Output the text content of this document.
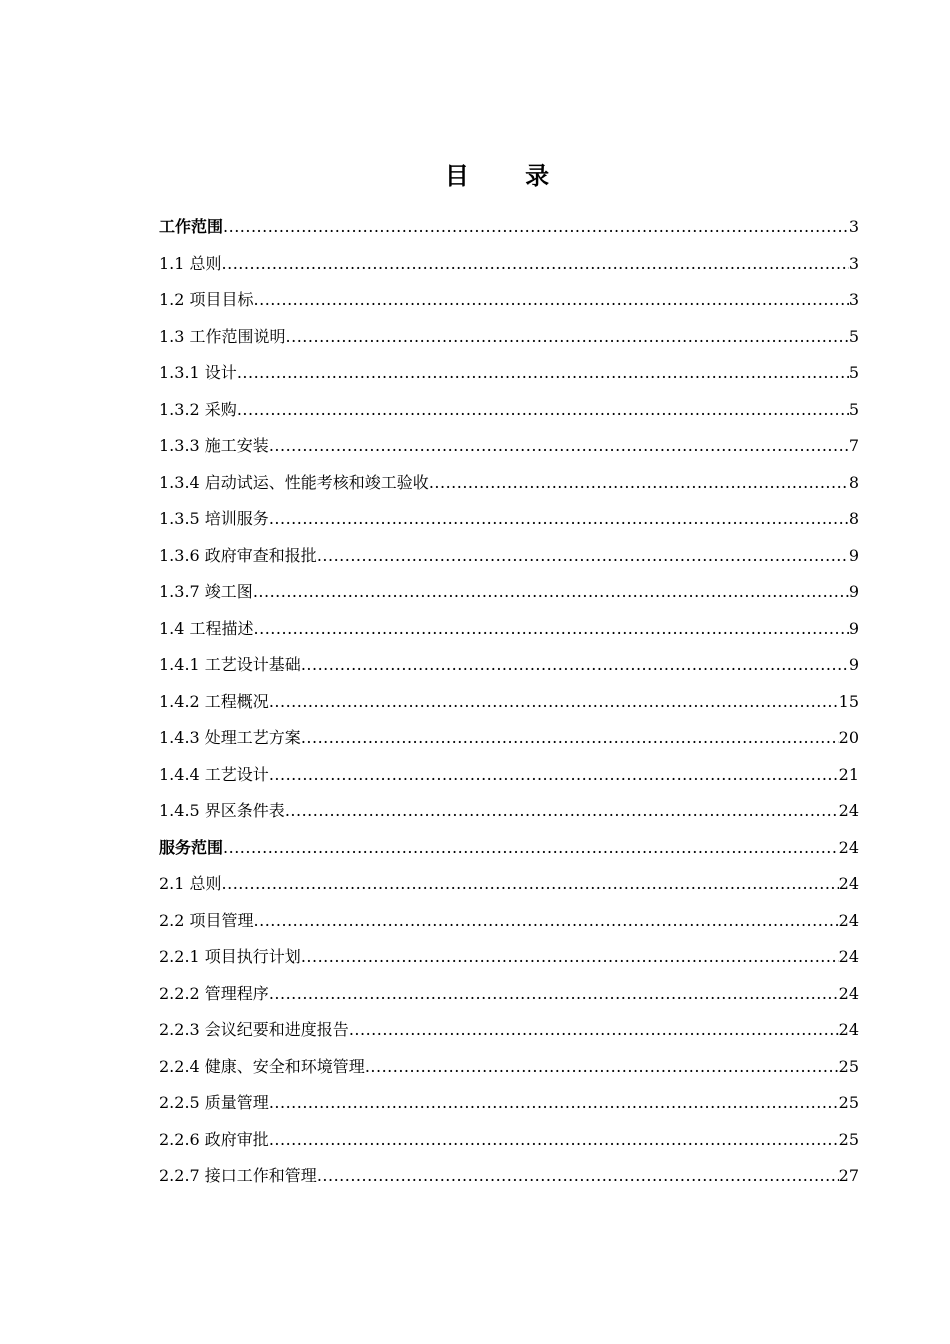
目 录
工作范围 .....	3
1.1 总则 .....	3
1.2 项目目标 .....	3
1.3 工作范围说明 .....	5
1.3.1 设计 .....	5
1.3.2 采购 .....	5
1.3.3 施工安装 .....	7
1.3.4 启动试运、性能考核和竣工验收 .....	8
1.3.5 培训服务 .....	8
1.3.6 政府审查和报批 .....	9
1.3.7 竣工图 .....	9
1.4 工程描述 .....	9
1.4.1 工艺设计基础 .....	9
1.4.2 工程概况 .....	15
1.4.3 处理工艺方案 .....	20
1.4.4 工艺设计 .....	21
1.4.5 界区条件表 .....	24
服务范围 .....	24
2.1 总则 .....	24
2.2 项目管理 .....	24
2.2.1 项目执行计划 .....	24
2.2.2 管理程序 .....	24
2.2.3 会议纪要和进度报告 .....	24
2.2.4 健康、安全和环境管理 .....	25
2.2.5 质量管理 .....	25
2.2.6 政府审批 .....	25
2.2.7 接口工作和管理 .....	27
